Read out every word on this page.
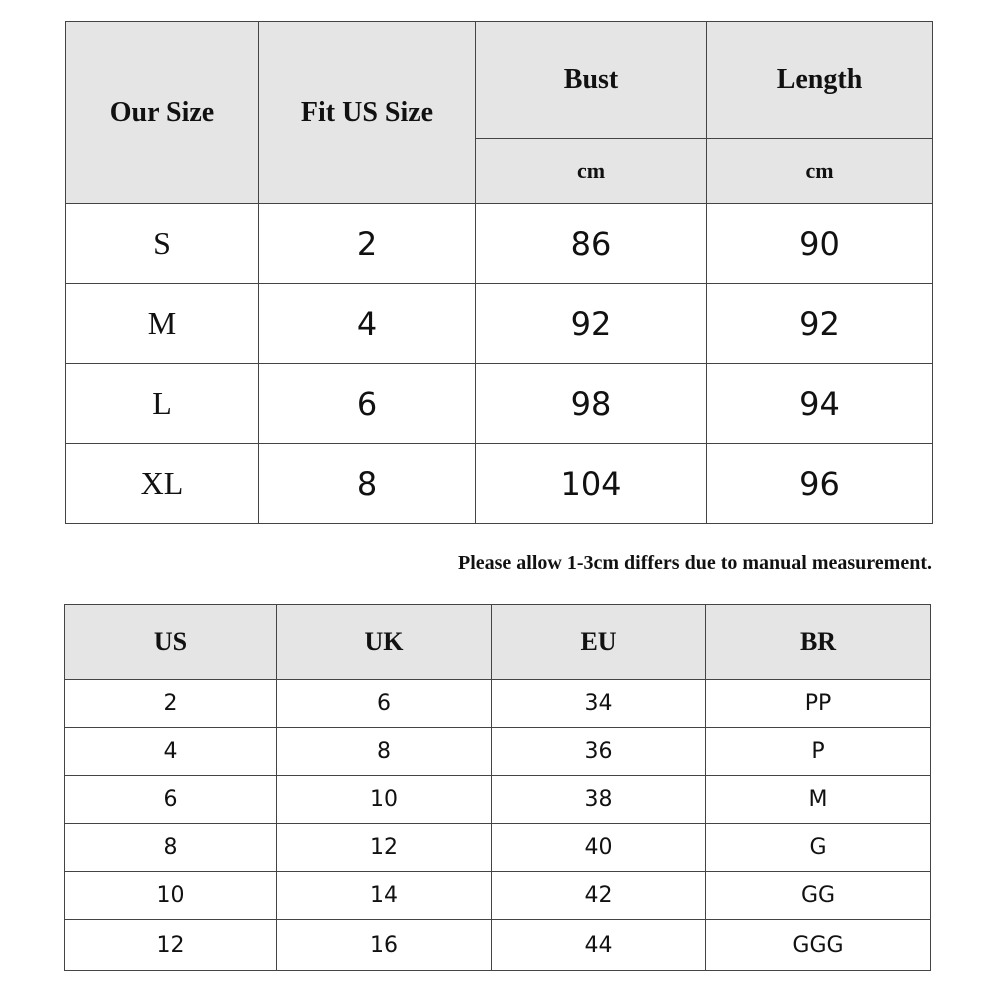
Our Size	Fit US Size	Bust	Length
		cm	cm
S	2	86	90
M	4	92	92
L	6	98	94
XL	8	104	96
Please allow 1-3cm differs due to manual measurement.
US	UK	EU	BR
2	6	34	PP
4	8	36	P
6	10	38	M
8	12	40	G
10	14	42	GG
12	16	44	GGG
